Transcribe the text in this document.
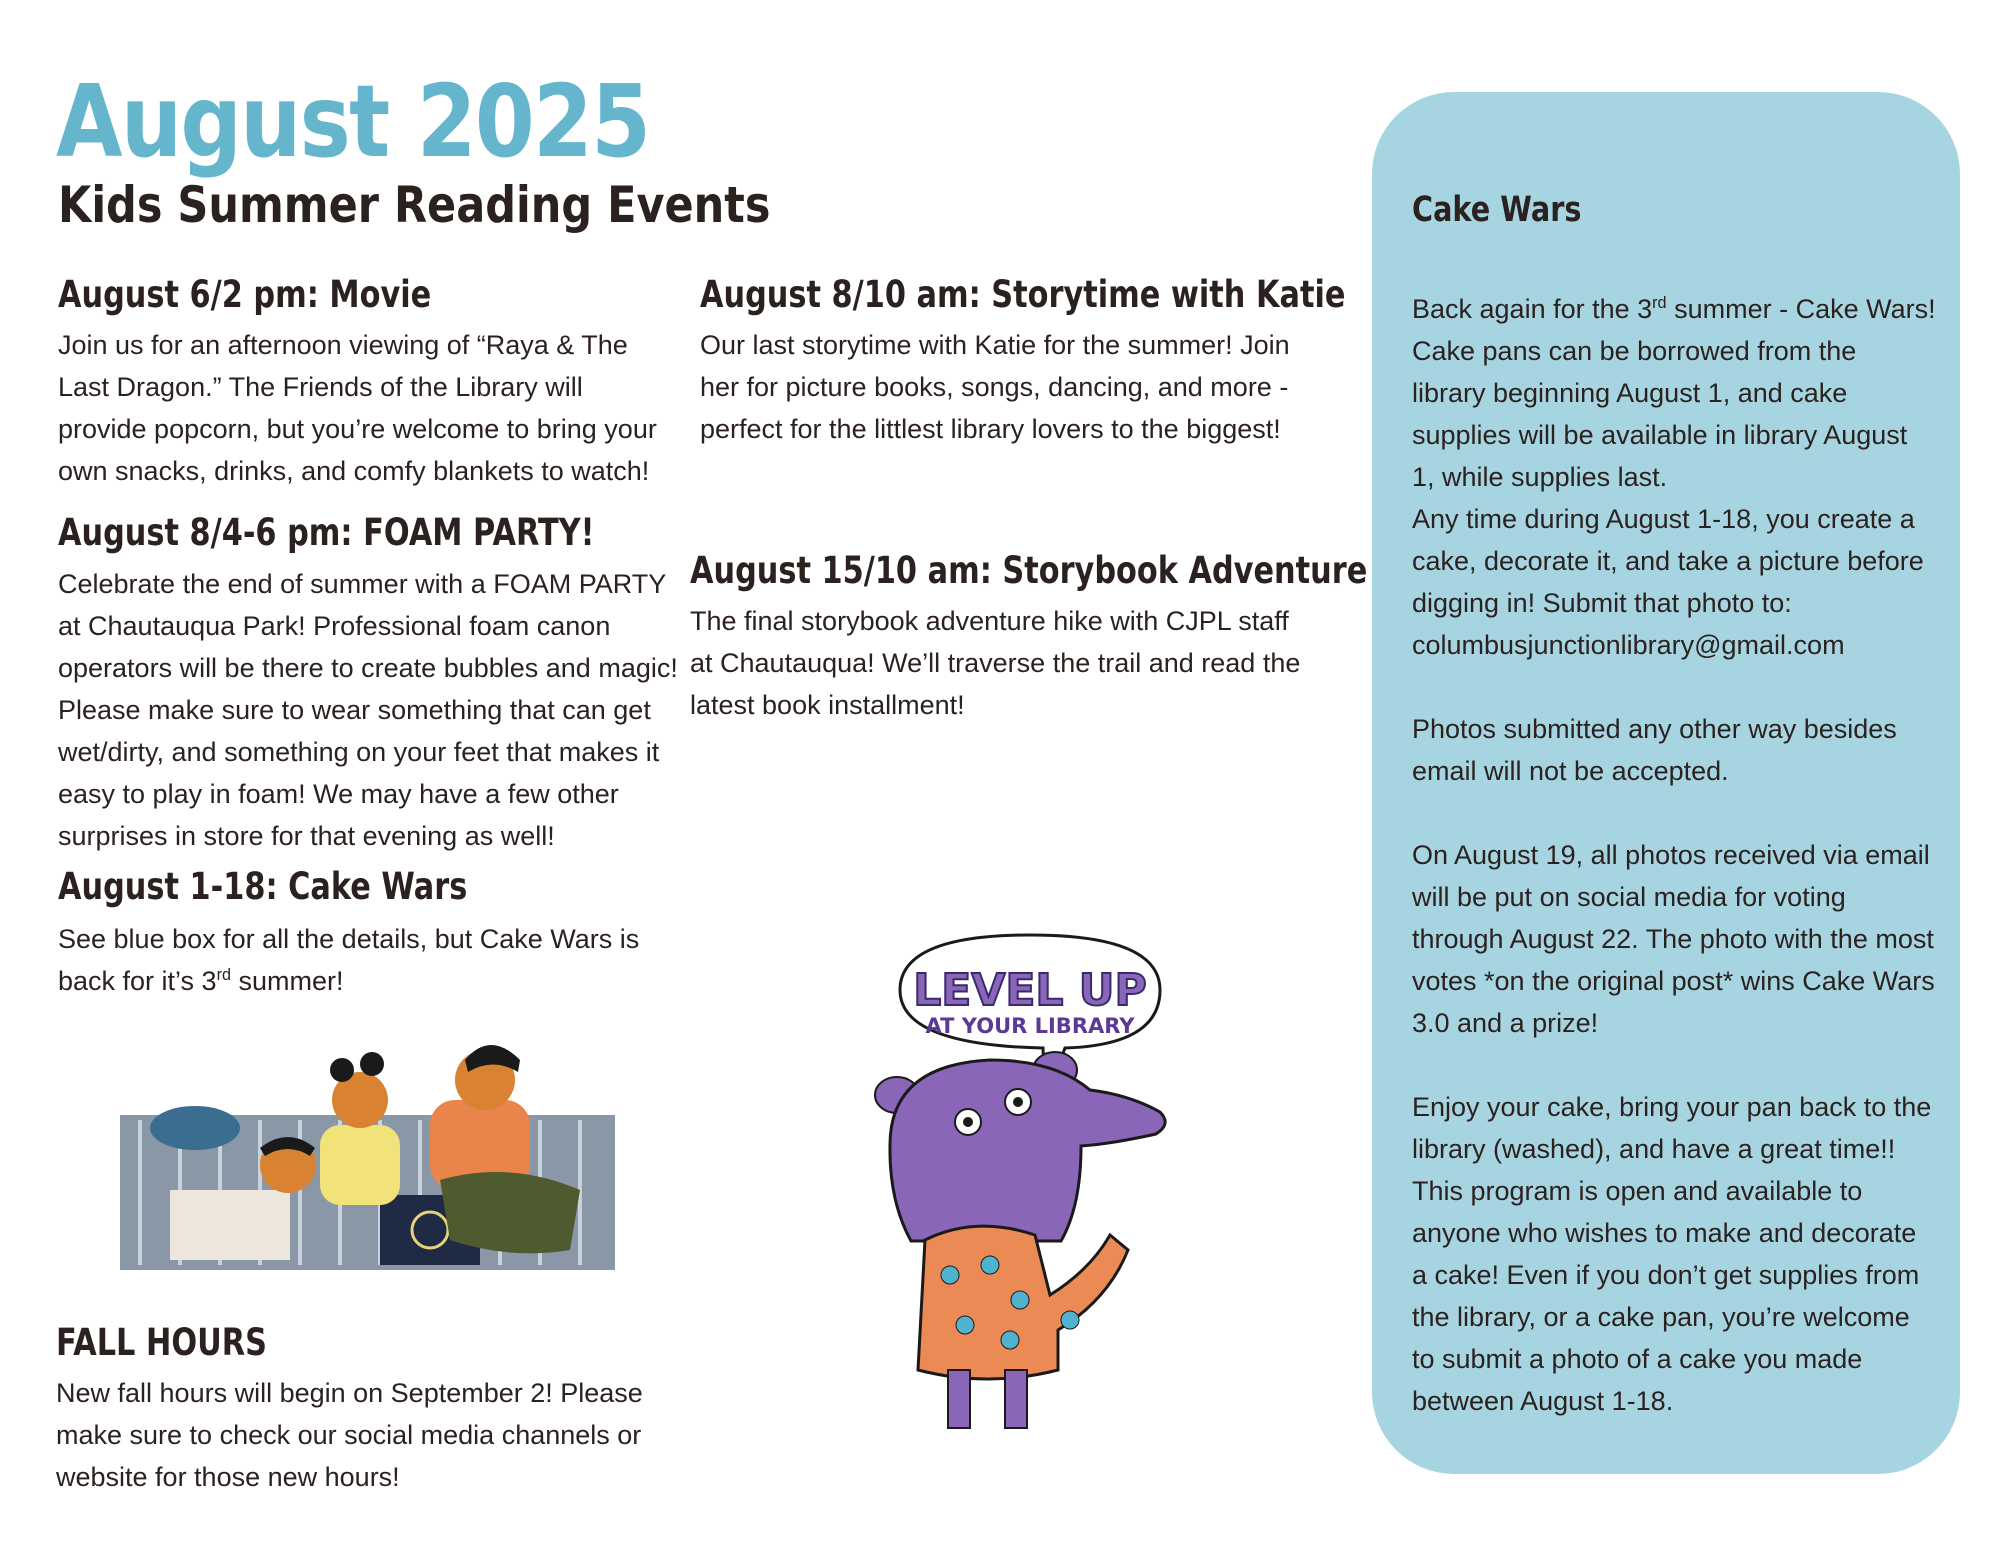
August 2025
Kids Summer Reading Events
August 6/2 pm: Movie
Join us for an afternoon viewing of “Raya & The Last Dragon.” The Friends of the Library will provide popcorn, but you’re welcome to bring your own snacks, drinks, and comfy blankets to watch!
August 8/4-6 pm: FOAM PARTY!
Celebrate the end of summer with a FOAM PARTY at Chautauqua Park! Professional foam canon operators will be there to create bubbles and magic! Please make sure to wear something that can get wet/dirty, and something on your feet that makes it easy to play in foam! We may have a few other surprises in store for that evening as well!
August 1-18: Cake Wars
See blue box for all the details, but Cake Wars is back for it’s 3rd summer!
FALL HOURS
New fall hours will begin on September 2! Please make sure to check our social media channels or website for those new hours!
August 8/10 am: Storytime with Katie
Our last storytime with Katie for the summer! Join her for picture books, songs, dancing, and more - perfect for the littlest library lovers to the biggest!
August 15/10 am: Storybook Adventure
The final storybook adventure hike with CJPL staff at Chautauqua! We’ll traverse the trail and read the latest book installment!
LEVEL UP
AT YOUR LIBRARY
Cake Wars
Back again for the 3rd summer - Cake Wars! Cake pans can be borrowed from the library beginning August 1, and cake supplies will be available in library August 1, while supplies last.
Any time during August 1-18, you create a cake, decorate it, and take a picture before digging in! Submit that photo to:
columbusjunctionlibrary@gmail.com
Photos submitted any other way besides email will not be accepted.
On August 19, all photos received via email will be put on social media for voting through August 22. The photo with the most votes *on the original post* wins Cake Wars 3.0 and a prize!
Enjoy your cake, bring your pan back to the library (washed), and have a great time!! This program is open and available to anyone who wishes to make and decorate a cake! Even if you don’t get supplies from the library, or a cake pan, you’re welcome to submit a photo of a cake you made between August 1-18.
